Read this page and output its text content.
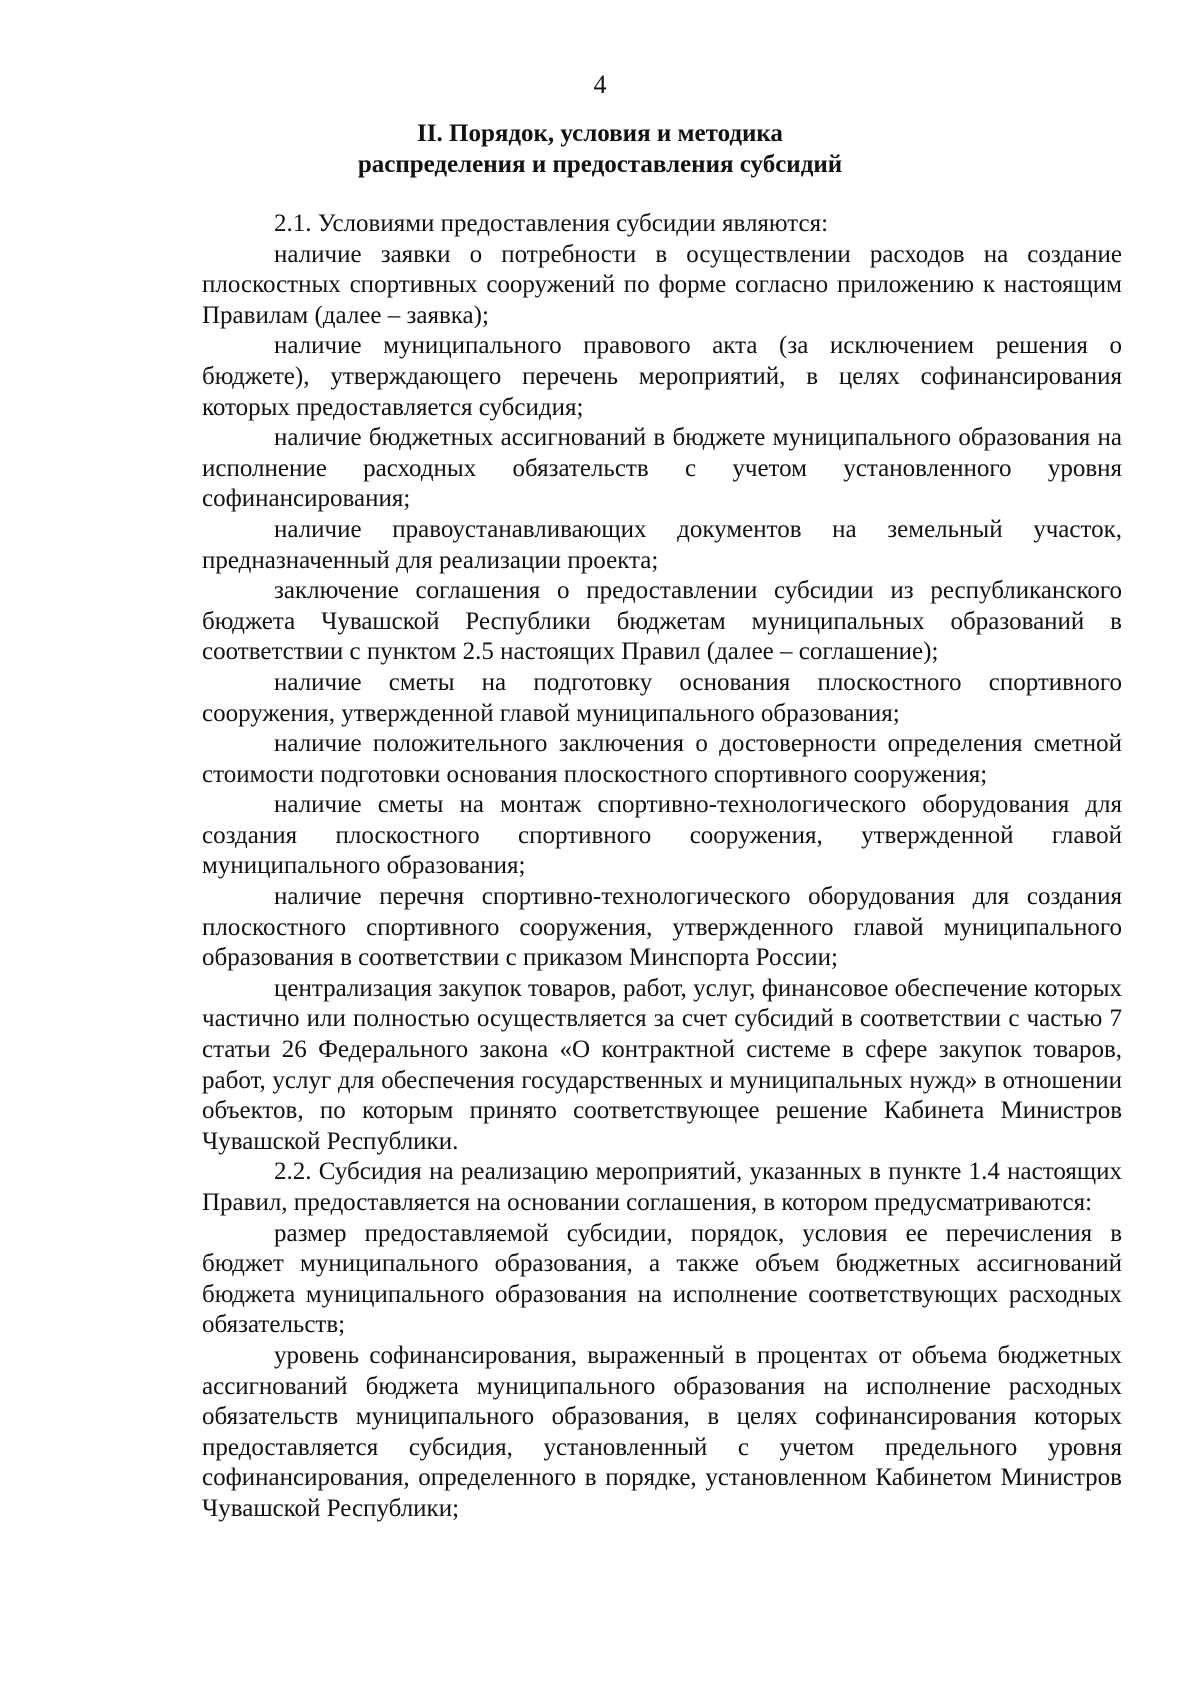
4
II. Порядок, условия и методика
распределения и предоставления субсидий

2.1. Условиями предоставления субсидии являются:

наличие заявки о потребности в осуществлении расходов на создание плоскостных спортивных сооружений по форме согласно приложению к настоящим Правилам (далее – заявка);

наличие муниципального правового акта (за исключением решения о бюджете), утверждающего перечень мероприятий, в целях софинансирования которых предоставляется субсидия;

наличие бюджетных ассигнований в бюджете муниципального образования на исполнение расходных обязательств с учетом установленного уровня софинансирования;

наличие правоустанавливающих документов на земельный участок, предназначенный для реализации проекта;

заключение соглашения о предоставлении субсидии из республиканского бюджета Чувашской Республики бюджетам муниципальных образований в соответствии с пунктом 2.5 настоящих Правил (далее – соглашение);

наличие сметы на подготовку основания плоскостного спортивного сооружения, утвержденной главой муниципального образования;

наличие положительного заключения о достоверности определения сметной стоимости подготовки основания плоскостного спортивного сооружения;

наличие сметы на монтаж спортивно-технологического оборудования для создания плоскостного спортивного сооружения, утвержденной главой муниципального образования;

наличие перечня спортивно-технологического оборудования для создания плоскостного спортивного сооружения, утвержденного главой муниципального образования в соответствии с приказом Минспорта России;

централизация закупок товаров, работ, услуг, финансовое обеспечение которых частично или полностью осуществляется за счет субсидий в соответствии с частью 7 статьи 26 Федерального закона «О контрактной системе в сфере закупок товаров, работ, услуг для обеспечения государственных и муниципальных нужд» в отношении объектов, по которым принято соответствующее решение Кабинета Министров Чувашской Республики.

2.2. Субсидия на реализацию мероприятий, указанных в пункте 1.4 настоящих Правил, предоставляется на основании соглашения, в котором предусматриваются:

размер предоставляемой субсидии, порядок, условия ее перечисления в бюджет муниципального образования, а также объем бюджетных ассигнований бюджета муниципального образования на исполнение соответствующих расходных обязательств;

уровень софинансирования, выраженный в процентах от объема бюджетных ассигнований бюджета муниципального образования на исполнение расходных обязательств муниципального образования, в целях софинансирования которых предоставляется субсидия, установленный с учетом предельного уровня софинансирования, определенного в порядке, установленном Кабинетом Министров Чувашской Республики;
